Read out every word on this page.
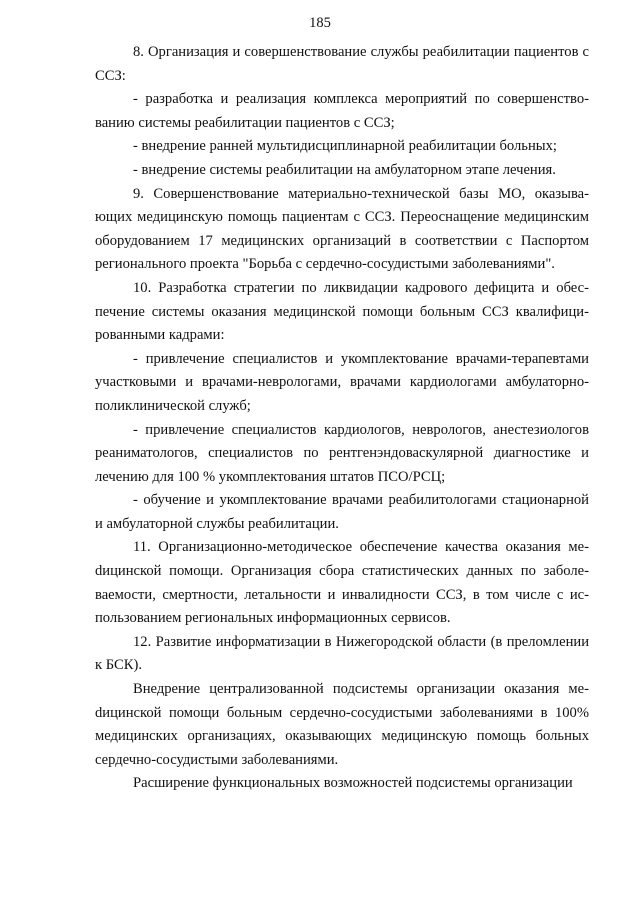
185

8. Организация и совершенствование службы реабилитации пациентов с ССЗ:

- разработка и реализация комплекса мероприятий по совершенствованию системы реабилитации пациентов с ССЗ;

- внедрение ранней мультидисциплинарной реабилитации больных;

- внедрение системы реабилитации на амбулаторном этапе лечения.

9. Совершенствование материально-технической базы МО, оказывающих медицинскую помощь пациентам с ССЗ. Переоснащение медицинским оборудованием 17 медицинских организаций в соответствии с Паспортом регионального проекта "Борьба с сердечно-сосудистыми заболеваниями".

10. Разработка стратегии по ликвидации кадрового дефицита и обеспечение системы оказания медицинской помощи больным ССЗ квалифицированными кадрами:

- привлечение специалистов и укомплектование врачами-терапевтами участковыми и врачами-неврологами, врачами кардиологами амбулаторно-поликлинической служб;

- привлечение специалистов кардиологов, неврологов, анестезиологов реаниматологов, специалистов по рентгенэндоваскулярной диагностике и лечению для 100 % укомплектования штатов ПСО/РСЦ;

- обучение и укомплектование врачами реабилитологами стационарной и амбулаторной службы реабилитации.

11. Организационно-методическое обеспечение качества оказания меdицинской помощи. Организация сбора статистических данных по заболеваемости, смертности, летальности и инвалидности ССЗ, в том числе с использованием региональных информационных сервисов.

12. Развитие информатизации в Нижегородской области (в преломлении к БСК).

Внедрение централизованной подсистемы организации оказания меdицинской помощи больным сердечно-сосудистыми заболеваниями в 100% медицинских организациях, оказывающих медицинскую помощь больных сердечно-сосудистыми заболеваниями.

Расширение функциональных возможностей подсистемы организации
